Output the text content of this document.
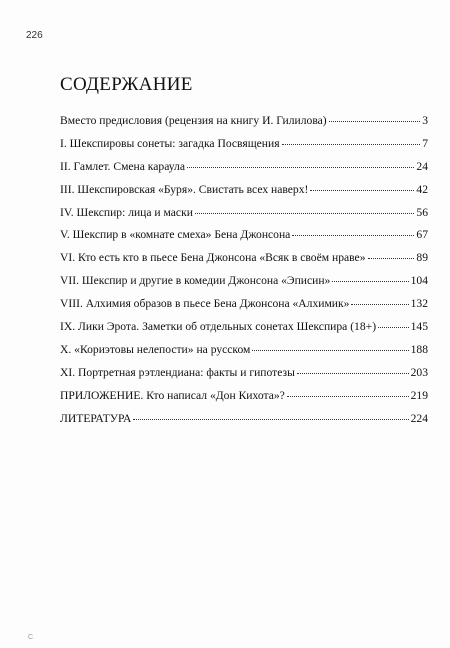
226
СОДЕРЖАНИЕ
Вместо предисловия (рецензия на книгу И. Гилилова)	3
I. Шекспировы сонеты: загадка Посвящения	7
II. Гамлет. Смена караула	24
III. Шекспировская «Буря». Свистать всех наверх!	42
IV. Шекспир: лица и маски	56
V. Шекспир в «комнате смеха» Бена Джонсона	67
VI. Кто есть кто в пьесе Бена Джонсона «Всяк в своём нраве»	89
VII. Шекспир и другие в комедии Джонсона «Эписин»	104
VIII. Алхимия образов в пьесе Бена Джонсона «Алхимик»	132
IX. Лики Эрота. Заметки об отдельных сонетах Шекспира (18+)	145
X. «Кориэтовы нелепости» на русском	188
XI. Портретная рэтлендиана: факты и гипотезы	203
ПРИЛОЖЕНИЕ. Кто написал «Дон Кихота»?	219
ЛИТЕРАТУРА	224
С
